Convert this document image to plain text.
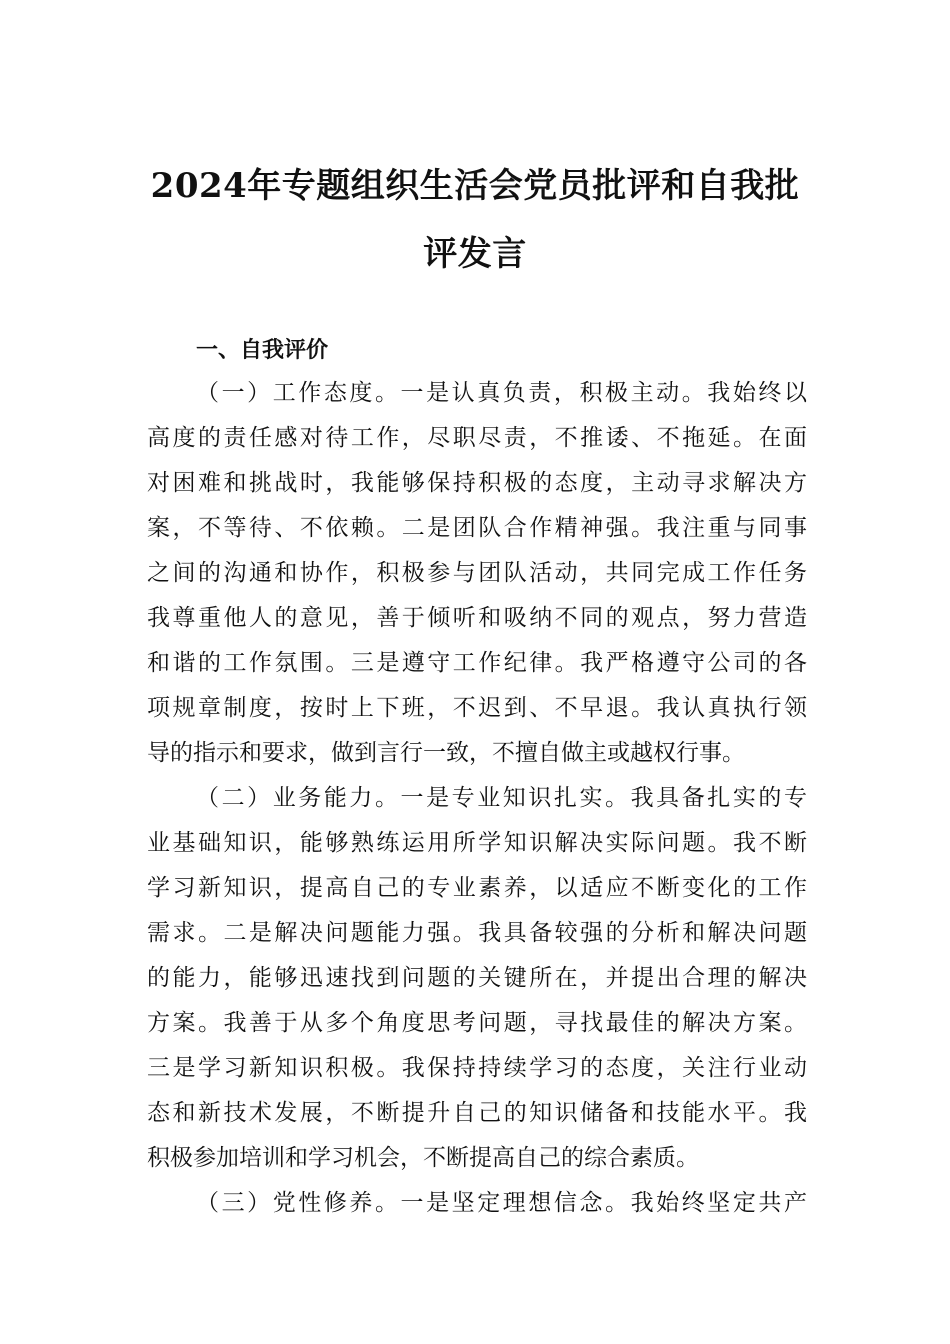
2024年专题组织生活会党员批评和自我批
评发言
一、自我评价
（一）工作态度。一是认真负责，积极主动。我始终以
高度的责任感对待工作，尽职尽责，不推诿、不拖延。在面
对困难和挑战时，我能够保持积极的态度，主动寻求解决方
案，不等待、不依赖。二是团队合作精神强。我注重与同事
之间的沟通和协作，积极参与团队活动，共同完成工作任务
我尊重他人的意见，善于倾听和吸纳不同的观点，努力营造
和谐的工作氛围。三是遵守工作纪律。我严格遵守公司的各
项规章制度，按时上下班，不迟到、不早退。我认真执行领
导的指示和要求，做到言行一致，不擅自做主或越权行事。
（二）业务能力。一是专业知识扎实。我具备扎实的专
业基础知识，能够熟练运用所学知识解决实际问题。我不断
学习新知识，提高自己的专业素养，以适应不断变化的工作
需求。二是解决问题能力强。我具备较强的分析和解决问题
的能力，能够迅速找到问题的关键所在，并提出合理的解决
方案。我善于从多个角度思考问题，寻找最佳的解决方案。
三是学习新知识积极。我保持持续学习的态度，关注行业动
态和新技术发展，不断提升自己的知识储备和技能水平。我
积极参加培训和学习机会，不断提高自己的综合素质。
（三）党性修养。一是坚定理想信念。我始终坚定共产
